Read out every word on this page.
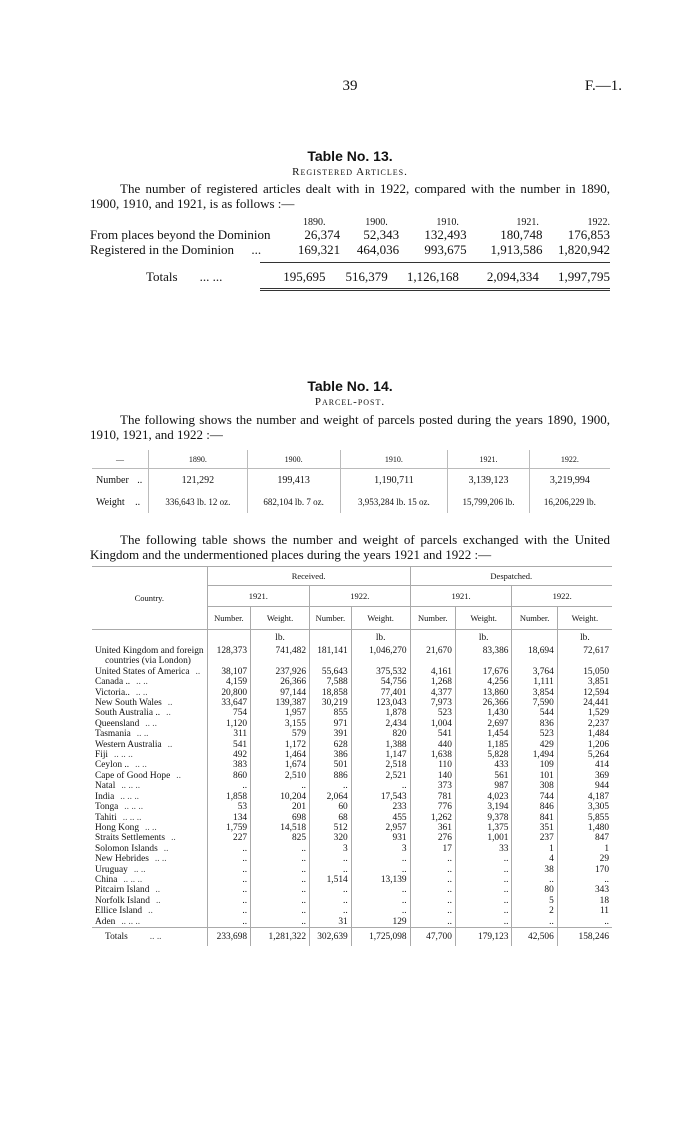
39	F.—1.
Table No. 13.
Registered Articles.
The number of registered articles dealt with in 1922, compared with the number in 1890, 1900, 1910, and 1921, is as follows :—
1890.	1900.	1910.	1921.	1922.
From places beyond the Dominion	26,374	52,343	132,493	180,748	176,853
Registered in the Dominion ...	169,321	464,036	993,675	1,913,586	1,820,942
Totals ... ...	195,695	516,379	1,126,168	2,094,334	1,997,795
Table No. 14.
Parcel-post.
The following shows the number and weight of parcels posted during the years 1890, 1900, 1910, 1921, and 1922 :—
—	1890.	1900.	1910.	1921.	1922.
Number ..	121,292	199,413	1,190,711	3,139,123	3,219,994
Weight ..	336,643 lb. 12 oz.	682,104 lb. 7 oz.	3,953,284 lb. 15 oz.	15,799,206 lb.	16,206,229 lb.
The following table shows the number and weight of parcels exchanged with the United Kingdom and the undermentioned places during the years 1921 and 1922 :—
Country.	Received.				Despatched.			
	1921.		1922.		1921.		1922.	
	Number.	Weight.	Number.	Weight.	Number.	Weight.	Number.	Weight.
		lb.		lb.		lb.		lb.
United Kingdom and foreign
countries (via London)	128,373	741,482	181,141	1,046,270	21,670	83,386	18,694	72,617
United States of America ..	38,107	237,926	55,643	375,532	4,161	17,676	3,764	15,050
Canada .. .. ..	4,159	26,366	7,588	54,756	1,268	4,256	1,111	3,851
Victoria.. .. ..	20,800	97,144	18,858	77,401	4,377	13,860	3,854	12,594
New South Wales ..	33,647	139,387	30,219	123,043	7,973	26,366	7,590	24,441
South Australia .. ..	754	1,957	855	1,878	523	1,430	544	1,529
Queensland .. ..	1,120	3,155	971	2,434	1,004	2,697	836	2,237
Tasmania .. ..	311	579	391	820	541	1,454	523	1,484
Western Australia ..	541	1,172	628	1,388	440	1,185	429	1,206
Fiji .. .. ..	492	1,464	386	1,147	1,638	5,828	1,494	5,264
Ceylon .. .. ..	383	1,674	501	2,518	110	433	109	414
Cape of Good Hope ..	860	2,510	886	2,521	140	561	101	369
Natal .. .. ..	..	..	..	..	373	987	308	944
India .. .. ..	1,858	10,204	2,064	17,543	781	4,023	744	4,187
Tonga .. .. ..	53	201	60	233	776	3,194	846	3,305
Tahiti .. .. ..	134	698	68	455	1,262	9,378	841	5,855
Hong Kong .. ..	1,759	14,518	512	2,957	361	1,375	351	1,480
Straits Settlements ..	227	825	320	931	276	1,001	237	847
Solomon Islands ..	..	..	3	3	17	33	1	1
New Hebrides .. ..	..	..	..	..	..	..	4	29
Uruguay .. ..	..	..	..	..	..	..	38	170
China .. .. ..	..	..	1,514	13,139	..	..	..	..
Pitcairn Island ..	..	..	..	..	..	..	80	343
Norfolk Island ..	..	..	..	..	..	..	5	18
Ellice Island ..	..	..	..	..	..	..	2	11
Aden .. .. ..	..	..	31	129	..	..	..	..
Totals .. ..	233,698	1,281,322	302,639	1,725,098	47,700	179,123	42,506	158,246
